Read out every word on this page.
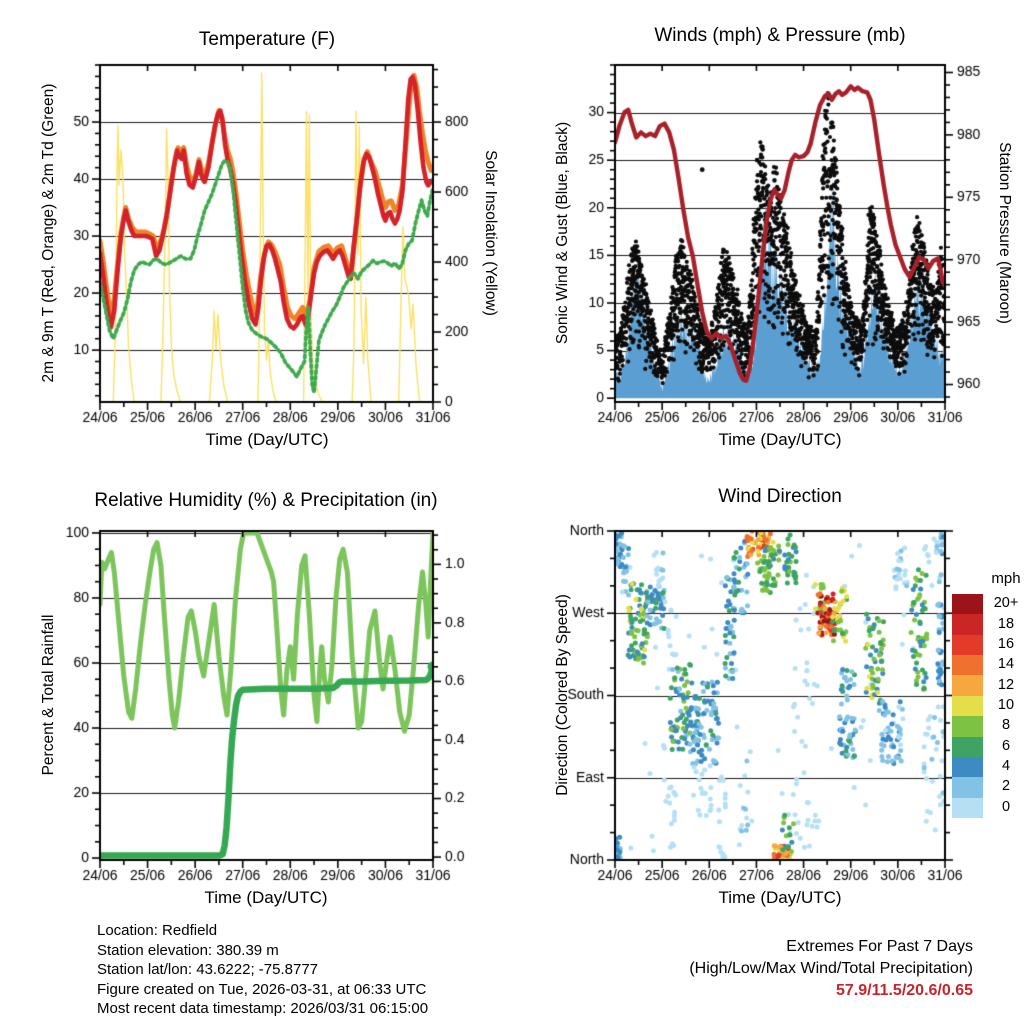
Temperature (F)	Winds (mph) & Pressure (mb)
Relative Humidity (%) & Precipitation (in)	Wind Direction
Time (Day/UTC)	Time (Day/UTC)
Time (Day/UTC)	Time (Day/UTC)
2m & 9m T (Red, Orange) & 2m Td (Green)	Solar Insolation (Yellow)	Sonic Wind & Gust (Blue, Black)	Station Pressure (Maroon)
Percent & Total Rainfall	Direction (Colored By Speed)
mph
20+
18
16
14
12
10
8
6
4
2
0
Location: Redfield
Station elevation: 380.39 m
Station lat/lon: 43.6222; -75.8777
Figure created on Tue, 2026-03-31, at 06:33 UTC
Most recent data timestamp: 2026/03/31 06:15:00
Extremes For Past 7 Days
(High/Low/Max Wind/Total Precipitation)
57.9/11.5/20.6/0.65
